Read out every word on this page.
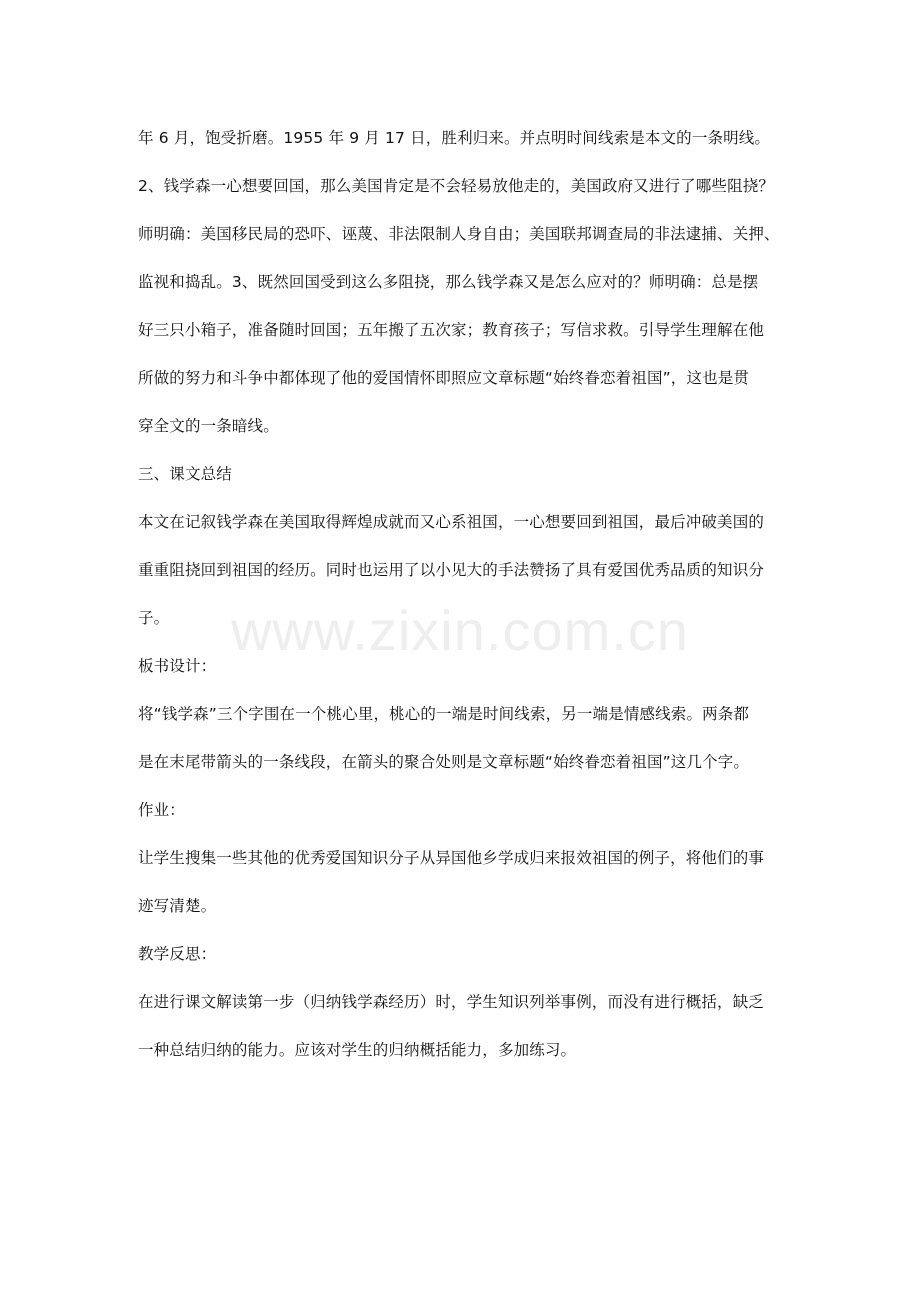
年 6 月，饱受折磨。1955 年 9 月 17 日，胜利归来。并点明时间线索是本文的一条明线。
2、钱学森一心想要回国，那么美国肯定是不会轻易放他走的，美国政府又进行了哪些阻挠？
师明确：美国移民局的恐吓、诬蔑、非法限制人身自由；美国联邦调查局的非法逮捕、关押、
监视和捣乱。3、既然回国受到这么多阻挠，那么钱学森又是怎么应对的？师明确：总是摆
好三只小箱子，准备随时回国；五年搬了五次家；教育孩子；写信求救。引导学生理解在他
所做的努力和斗争中都体现了他的爱国情怀即照应文章标题“始终眷恋着祖国”，这也是贯
穿全文的一条暗线。
三、课文总结
本文在记叙钱学森在美国取得辉煌成就而又心系祖国，一心想要回到祖国，最后冲破美国的
重重阻挠回到祖国的经历。同时也运用了以小见大的手法赞扬了具有爱国优秀品质的知识分
子。
板书设计：
将“钱学森”三个字围在一个桃心里，桃心的一端是时间线索，另一端是情感线索。两条都
是在末尾带箭头的一条线段，在箭头的聚合处则是文章标题“始终眷恋着祖国”这几个字。
作业：
让学生搜集一些其他的优秀爱国知识分子从异国他乡学成归来报效祖国的例子，将他们的事
迹写清楚。
教学反思：
在进行课文解读第一步（归纳钱学森经历）时，学生知识列举事例，而没有进行概括，缺乏
一种总结归纳的能力。应该对学生的归纳概括能力，多加练习。
www.zixin.com.cn
